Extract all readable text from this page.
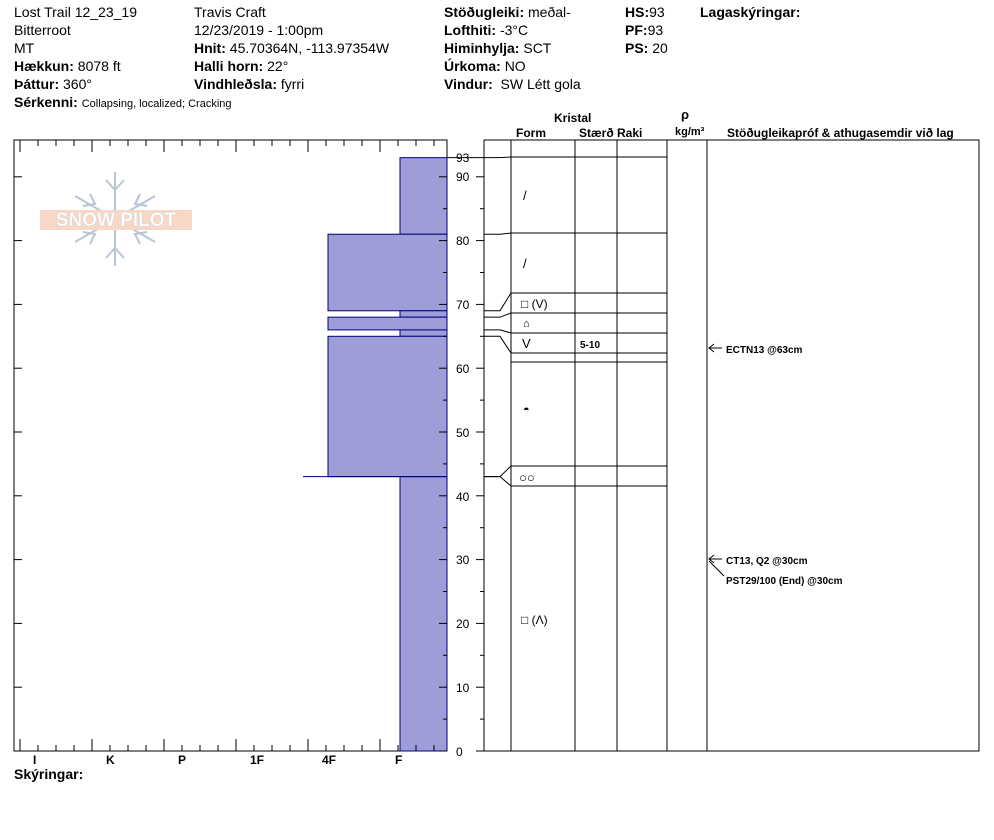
Lost Trail 12_23_19
Bitterroot
MT
Hækkun: 8078 ft
Þáttur: 360°
Sérkenni: Collapsing, localized; Cracking
Travis Craft
12/23/2019 - 1:00pm
Hnit: 45.70364N, -113.97354W
Halli horn: 22°
Vindhleðsla: fyrri
Stöðugleiki: meðal-
Lofthiti: -3°C
Himinhylja: SCT
Úrkoma: NO
Vindur: SW Létt gola
HS:93
PF:93
PS: 20
Lagaskýringar:
Kristal
Form	Stærð Raki
ρ
kg/m³ Stöðugleikapróf & athugasemdir við lag
I	K	P	1F	4F	F
93
90
80
70
60
50
40
30
20
10
0
/
/
□ (V)
⌂
V	5-10
○○
◓
□ (Λ)
ECTN13 @63cm
CT13, Q2 @30cm
PST29/100 (End) @30cm
Skýringar:
SNOW PILOT
